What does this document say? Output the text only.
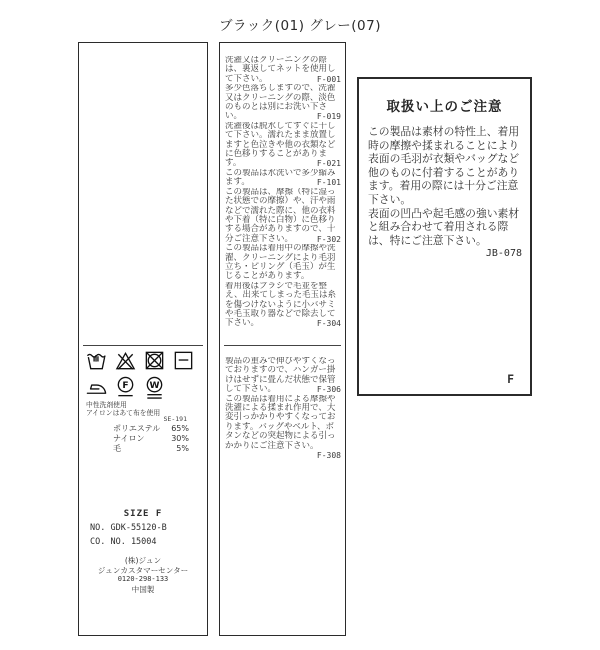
ブラック(01) グレー(07)
F W
中性洗剤使用
アイロンはあて布を使用
SE-191
ポリエステル 65%
ナイロン	30%
毛	5%
SIZE F
NO. GDK-55120-B
CO. NO. 15004
(株)ジュン
ジュンカスタマーセンター
0120-298-133
中国製

洗濯又はクリーニングの際は、裏返してネットを使用して下さい。	F-001

多少色落ちしますので、洗濯又はクリーニングの際、淡色のものとは別にお洗い下さい。	F-019

洗濯後は脱水してすぐに干して下さい。濡れたまま放置しますと色泣きや他の衣類などに色移りすることがあります。	F-021

この製品は水洗いで多少縮みます。	F-101

この製品は、摩擦（特に湿った状態での摩擦）や、汗や雨などで濡れた際に、他の衣料や下着（特に白物）に色移りする場合がありますので、十分ご注意下さい。	F-302

この製品は着用中の摩擦や洗濯、クリーニングにより毛羽立ち・ピリング（毛玉）が生じることがあります。

着用後はブラシで毛並を整え、出来てしまった毛玉は糸を傷つけないように小バサミや毛玉取り器などで除去して下さい。	F-304

製品の重みで伸びやすくなっておりますので、ハンガー掛けはせずに畳んだ状態で保管して下さい。	F-306

この製品は着用による摩擦や洗濯による揉まれ作用で、大変引っかかりやすくなっております。バッグやベルト、ボタンなどの突起物による引っかかりにご注意下さい。
F-308

取扱い上のご注意

この製品は素材の特性上、着用時の摩擦や揉まれることにより表面の毛羽が衣類やバッグなど他のものに付着することがあります。着用の際には十分ご注意下さい。

表面の凹凸や起毛感の強い素材と組み合わせて着用される際は、特にご注意下さい。
JB-078

F
